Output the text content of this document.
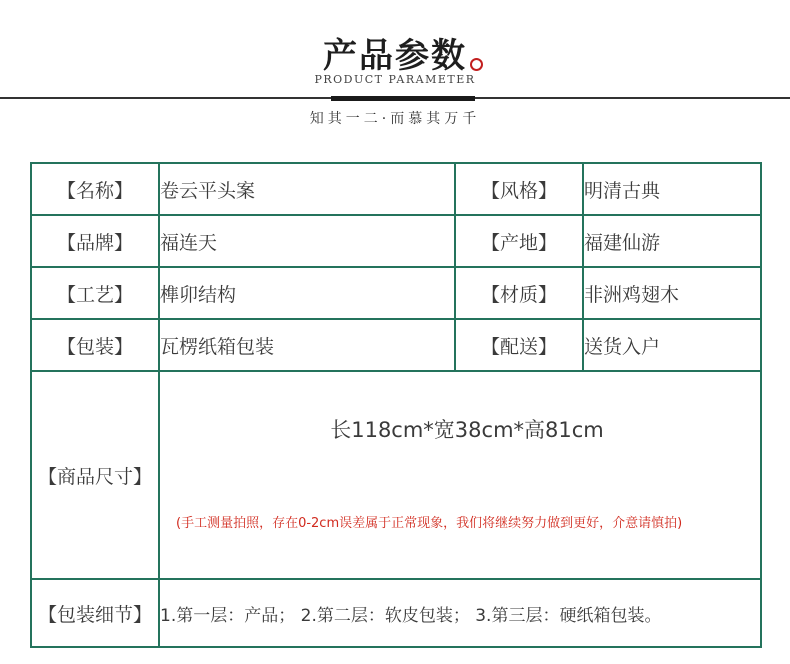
产品参数
PRODUCT PARAMETER
知其一二·而慕其万千
【名称】	卷云平头案	【风格】	明清古典
【品牌】	福连天	【产地】	福建仙游
【工艺】	榫卯结构	【材质】	非洲鸡翅木
【包装】	瓦楞纸箱包装	【配送】	送货入户
【商品尺寸】	长118cm*宽38cm*高81cm
(手工测量拍照，存在0-2cm误差属于正常现象，我们将继续努力做到更好，介意请慎拍)		

【包装细节】	1.第一层：产品； 2.第二层：软皮包装； 3.第三层：硬纸箱包装。		
